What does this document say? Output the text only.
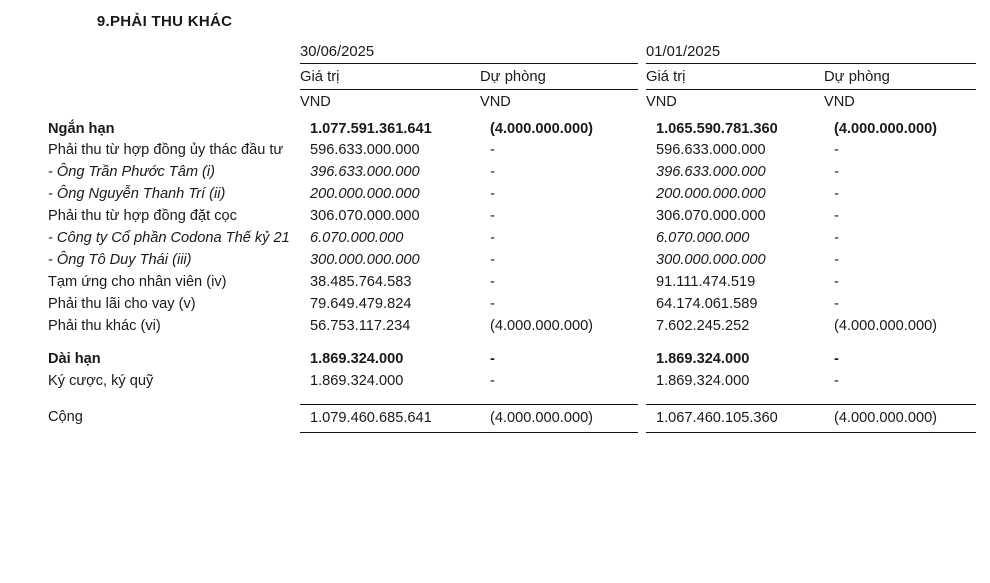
9. PHẢI THU KHÁC
	30/06/2025			01/01/2025	
	Giá trị	Dự phòng		Giá trị	Dự phòng
	VND	VND		VND	VND
Ngắn hạn	1.077.591.361.641	(4.000.000.000)		1.065.590.781.360	(4.000.000.000)
Phải thu từ hợp đồng ủy thác đầu tư	596.633.000.000	-		596.633.000.000	-
- Ông Trần Phước Tâm (i)	396.633.000.000	-		396.633.000.000	-
- Ông Nguyễn Thanh Trí (ii)	200.000.000.000	-		200.000.000.000	-
Phải thu từ hợp đồng đặt cọc	306.070.000.000	-		306.070.000.000	-
- Công ty Cổ phần Codona Thế kỷ 21	6.070.000.000	-		6.070.000.000	-
- Ông Tô Duy Thái (iii)	300.000.000.000	-		300.000.000.000	-
Tạm ứng cho nhân viên (iv)	38.485.764.583	-		91.111.474.519	-
Phải thu lãi cho vay (v)	79.649.479.824	-		64.174.061.589	-
Phải thu khác (vi)	56.753.117.234	(4.000.000.000)		7.602.245.252	(4.000.000.000)

Dài hạn	1.869.324.000	-		1.869.324.000	-
Ký cược, ký quỹ	1.869.324.000	-		1.869.324.000	-

Cộng	1.079.460.685.641	(4.000.000.000)		1.067.460.105.360	(4.000.000.000)
